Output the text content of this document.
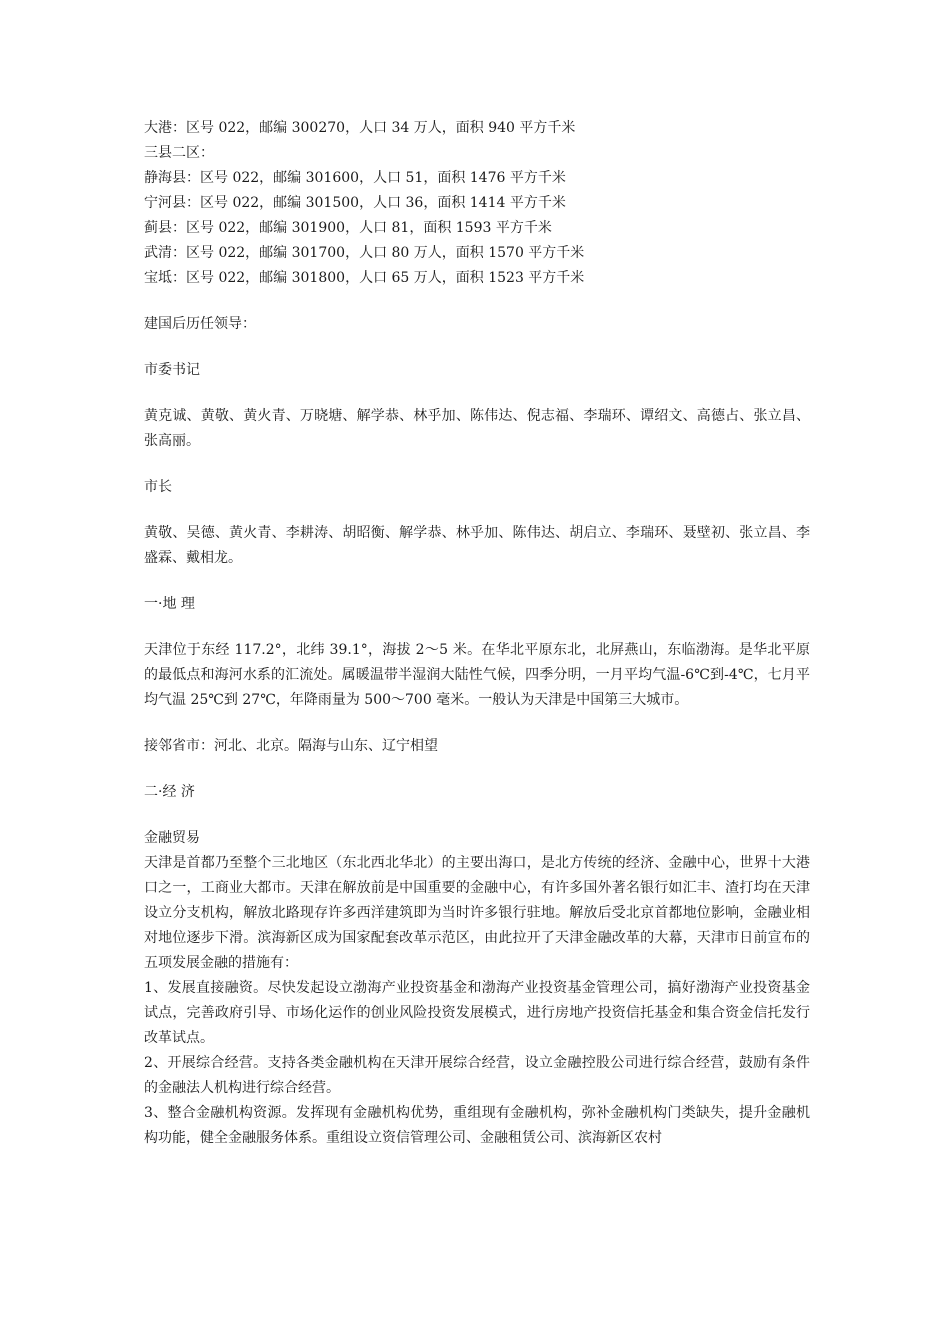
大港：区号 022，邮编 300270，人口 34 万人，面积 940 平方千米
三县二区：
静海县：区号 022，邮编 301600，人口 51，面积 1476 平方千米
宁河县：区号 022，邮编 301500，人口 36，面积 1414 平方千米
蓟县：区号 022，邮编 301900，人口 81，面积 1593 平方千米
武清：区号 022，邮编 301700，人口 80 万人，面积 1570 平方千米
宝坻：区号 022，邮编 301800，人口 65 万人，面积 1523 平方千米
建国后历任领导：
市委书记
黄克诚、黄敬、黄火青、万晓塘、解学恭、林乎加、陈伟达、倪志福、李瑞环、谭绍文、高德占、张立昌、张高丽。
市长
黄敬、吴德、黄火青、李耕涛、胡昭衡、解学恭、林乎加、陈伟达、胡启立、李瑞环、聂壁初、张立昌、李盛霖、戴相龙。
一·地 理
天津位于东经 117.2°，北纬 39.1°，海拔 2～5 米。在华北平原东北，北屏燕山，东临渤海。是华北平原的最低点和海河水系的汇流处。属暖温带半湿润大陆性气候，四季分明，一月平均气温-6℃到-4℃，七月平均气温 25℃到 27℃，年降雨量为 500～700 毫米。一般认为天津是中国第三大城市。
接邻省市：河北、北京。隔海与山东、辽宁相望
二·经 济
金融贸易
天津是首都乃至整个三北地区（东北西北华北）的主要出海口，是北方传统的经济、金融中心，世界十大港口之一，工商业大都市。天津在解放前是中国重要的金融中心，有许多国外著名银行如汇丰、渣打均在天津设立分支机构，解放北路现存许多西洋建筑即为当时许多银行驻地。解放后受北京首都地位影响，金融业相对地位逐步下滑。滨海新区成为国家配套改革示范区，由此拉开了天津金融改革的大幕，天津市日前宣布的五项发展金融的措施有：
1、发展直接融资。尽快发起设立渤海产业投资基金和渤海产业投资基金管理公司，搞好渤海产业投资基金试点，完善政府引导、市场化运作的创业风险投资发展模式，进行房地产投资信托基金和集合资金信托发行改革试点。
2、开展综合经营。支持各类金融机构在天津开展综合经营，设立金融控股公司进行综合经营，鼓励有条件的金融法人机构进行综合经营。
3、整合金融机构资源。发挥现有金融机构优势，重组现有金融机构，弥补金融机构门类缺失，提升金融机构功能，健全金融服务体系。重组设立资信管理公司、金融租赁公司、滨海新区农村
